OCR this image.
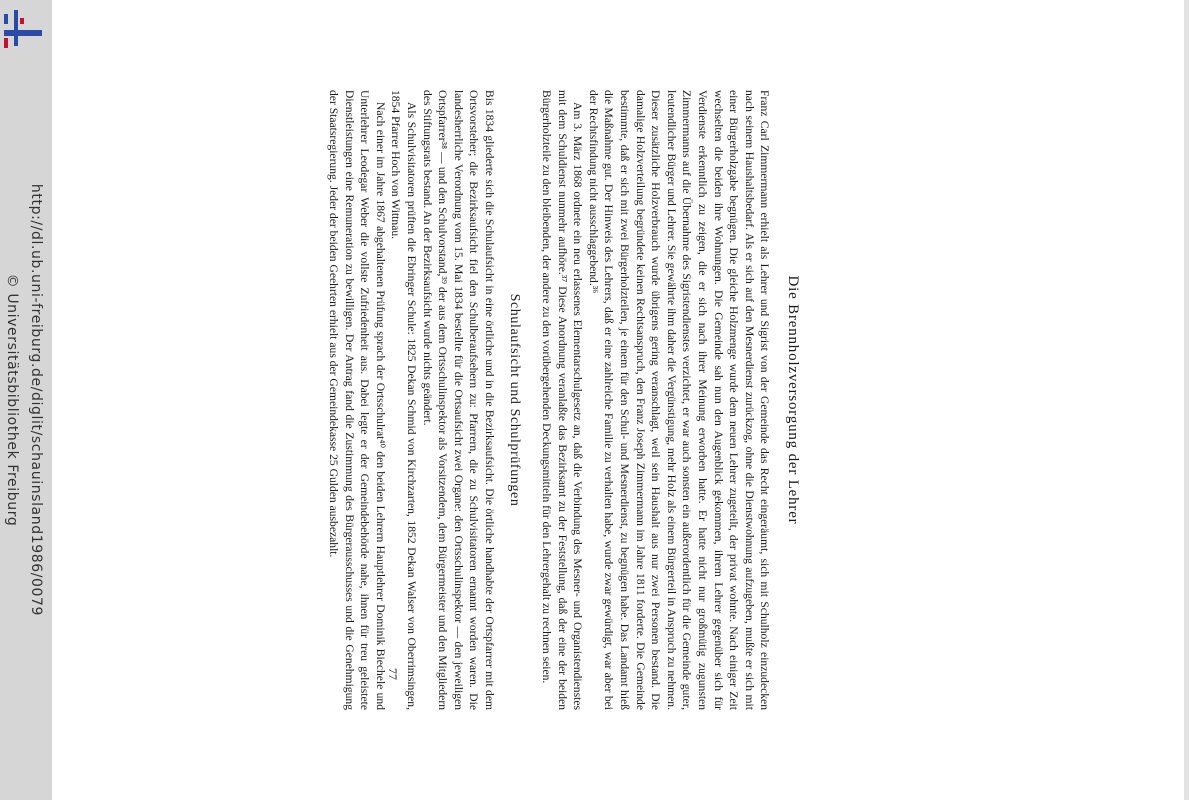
http://dl.ub.uni-freiburg.de/diglit/schauinsland1986/0079
© Universitätsbibliothek Freiburg	Die Brennholzversorgung der Lehrer

Franz Carl Zimmermann erhielt als Lehrer und Sigrist von der Gemeinde das Recht eingeräumt, sich mit Schulholz einzudecken nach seinem Haushaltsbedarf. Als er sich auf den Mesnerdienst zurückzog, ohne die Dienstwohnung aufzugeben, mußte er sich mit einer Bürgerholzgabe begnügen. Die gleiche Holzmenge wurde dem neuen Lehrer zugeteilt, der privat wohnte. Nach einiger Zeit wechselten die beiden ihre Wohnungen. Die Gemeinde sah nun den Augenblick gekommen, ihrem Lehrer gegenüber sich für Verdienste erkenntlich zu zeigen, die er sich nach ihrer Meinung erworben hatte. Er hatte nicht nur großmütig zugunsten Zimmermanns auf die Übernahme des Sigristendienstes verzichtet, er war auch sonsten ein außerordentlich für die Gemeinde guter, leutendlicher Bürger und Lehrer. Sie gewährte ihm daher die Vergünstigung, mehr Holz als einem Bürgerteil in Anspruch zu nehmen. Dieser zusätzliche Holzverbrauch wurde übrigens gering veranschlagt, weil sein Haushalt aus nur zwei Personen bestand. Die damalige Holzverteilung begründete keinen Rechtsanspruch, den Franz Joseph Zimmermann im Jahre 1811 forderte. Die Gemeinde bestimmte, daß er sich mit zwei Bürgerholzteilen, je einem für den Schul- und Mesnerdienst, zu begnügen habe. Das Landamt hieß die Maßnahme gut. Der Hinweis des Lehrers, daß er eine zahlreiche Familie zu verhalten habe, wurde zwar gewürdigt, war aber bei der Rechtsfindung nicht ausschlaggebend.³⁶

Am 3. März 1868 ordnete ein neu erlassenes Elementarschulgesetz an, daß die Verbindung des Mesner- und Organistendienstes mit dem Schuldienst nunmehr aufhöre.³⁷ Diese Anordnung veranlaßte das Bezirksamt zu der Feststellung, daß der eine der beiden Bürgerholzteile zu den bleibenden, der andere zu den vorübergehenden Deckungsmitteln für den Lehrergehalt zu rechnen seien.

Schulaufsicht und Schulprüfungen

Bis 1834 gliederte sich die Schulaufsicht in eine örtliche und in die Bezirksaufsicht. Die örtliche handhabte der Ortspfarrer mit dem Ortsvorsteher; die Bezirksaufsicht fiel den Schulberaufsehern zu: Pfarrern, die zu Schulvisitatoren ernannt worden waren. Die landesherrliche Verordnung vom 15. Mai 1834 bestellte für die Ortsaufsicht zwei Organe: den Ortsschulinspektor — den jeweiligen Ortspfarrer³⁸ — und den Schulvorstand,³⁹ der aus dem Ortsschulinspektor als Vorsitzendem, dem Bürgermeister und den Mitgliedern des Stiftungsrats bestand. An der Bezirksaufsicht wurde nichts geändert.

Als Schulvisitatoren prüften die Ebringer Schule: 1825 Dekan Schmid von Kirchzarten, 1852 Dekan Walser von Oberrimsingen, 1854 Pfarrer Hoch von Wittnau.

Nach einer im Jahre 1867 abgehaltenen Prüfung sprach der Ortsschulrat⁴⁰ den beiden Lehrern Hauptlehrer Dominik Biechele und Unterlehrer Leodegar Weber die vollste Zufriedenheit aus. Dabei legte er der Gemeindebehörde nahe, ihnen für treu geleistete Dienstleistungen eine Remuneration zu bewilligen. Der Antrag fand die Zustimmung des Bürgerausschusses und die Genehmigung der Staatsregierung. Jeder der beiden Geehrten erhielt aus der Gemeindekasse 25 Gulden ausbezahlt.

77
